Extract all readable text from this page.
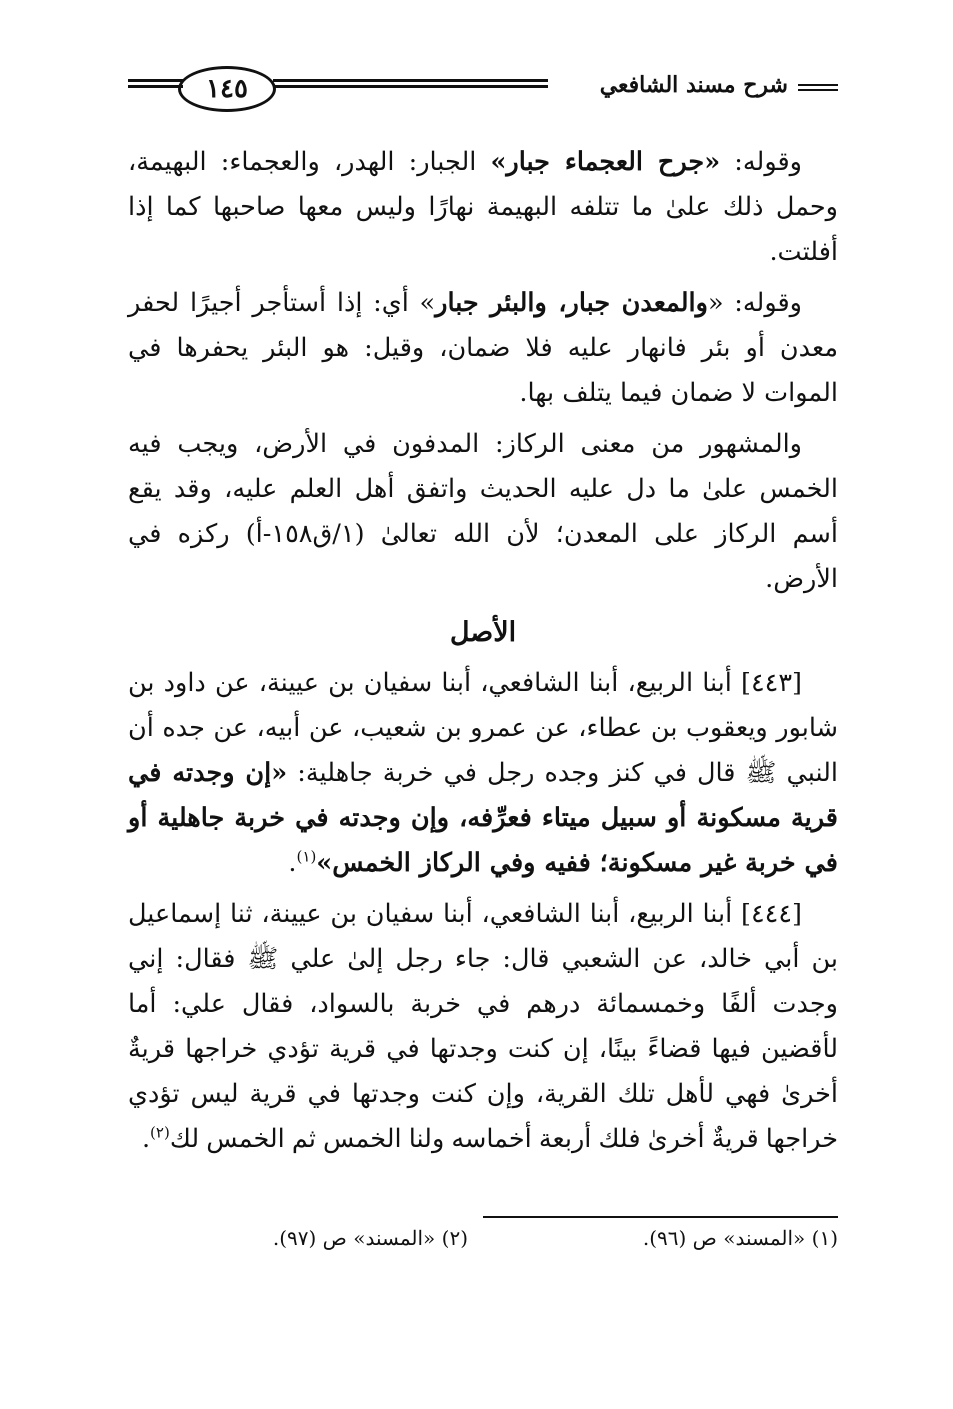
شرح مسند الشافعي
١٤٥

وقوله: «جرح العجماء جبار» الجبار: الهدر، والعجماء: البهيمة، وحمل ذلك علىٰ ما تتلفه البهيمة نهارًا وليس معها صاحبها كما إذا أفلتت.

وقوله: «والمعدن جبار، والبئر جبار» أي: إذا أستأجر أجيرًا لحفر معدن أو بئر فانهار عليه فلا ضمان، وقيل: هو البئر يحفرها في الموات لا ضمان فيما يتلف بها.

والمشهور من معنى الركاز: المدفون في الأرض، ويجب فيه الخمس علىٰ ما دل عليه الحديث واتفق أهل العلم عليه، وقد يقع أسم الركاز على المعدن؛ لأن الله تعالىٰ (١/ق١٥٨-أ) ركزه في الأرض.

الأصل

[٤٤٣] أبنا الربيع، أبنا الشافعي، أبنا سفيان بن عيينة، عن داود بن شابور ويعقوب بن عطاء، عن عمرو بن شعيب، عن أبيه، عن جده أن النبي ﷺ قال في كنز وجده رجل في خربة جاهلية: «إن وجدته في قرية مسكونة أو سبيل ميتاء فعرِّفه، وإن وجدته في خربة جاهلية أو في خربة غير مسكونة؛ ففيه وفي الركاز الخمس»$^{(١)}$.

[٤٤٤] أبنا الربيع، أبنا الشافعي، أبنا سفيان بن عيينة، ثنا إسماعيل بن أبي خالد، عن الشعبي قال: جاء رجل إلىٰ علي ﷺ فقال: إني وجدت ألفًا وخمسمائة درهم في خربة بالسواد، فقال علي: أما لأقضين فيها قضاءً بينًا، إن كنت وجدتها في قرية تؤدي خراجها قريةٌ أخرىٰ فهي لأهل تلك القرية، وإن كنت وجدتها في قرية ليس تؤدي خراجها قريةٌ أخرىٰ فلك أربعة أخماسه ولنا الخمس ثم الخمس لك$^{(٢)}$.

(١) «المسند» ص (٩٦).
(٢) «المسند» ص (٩٧).
